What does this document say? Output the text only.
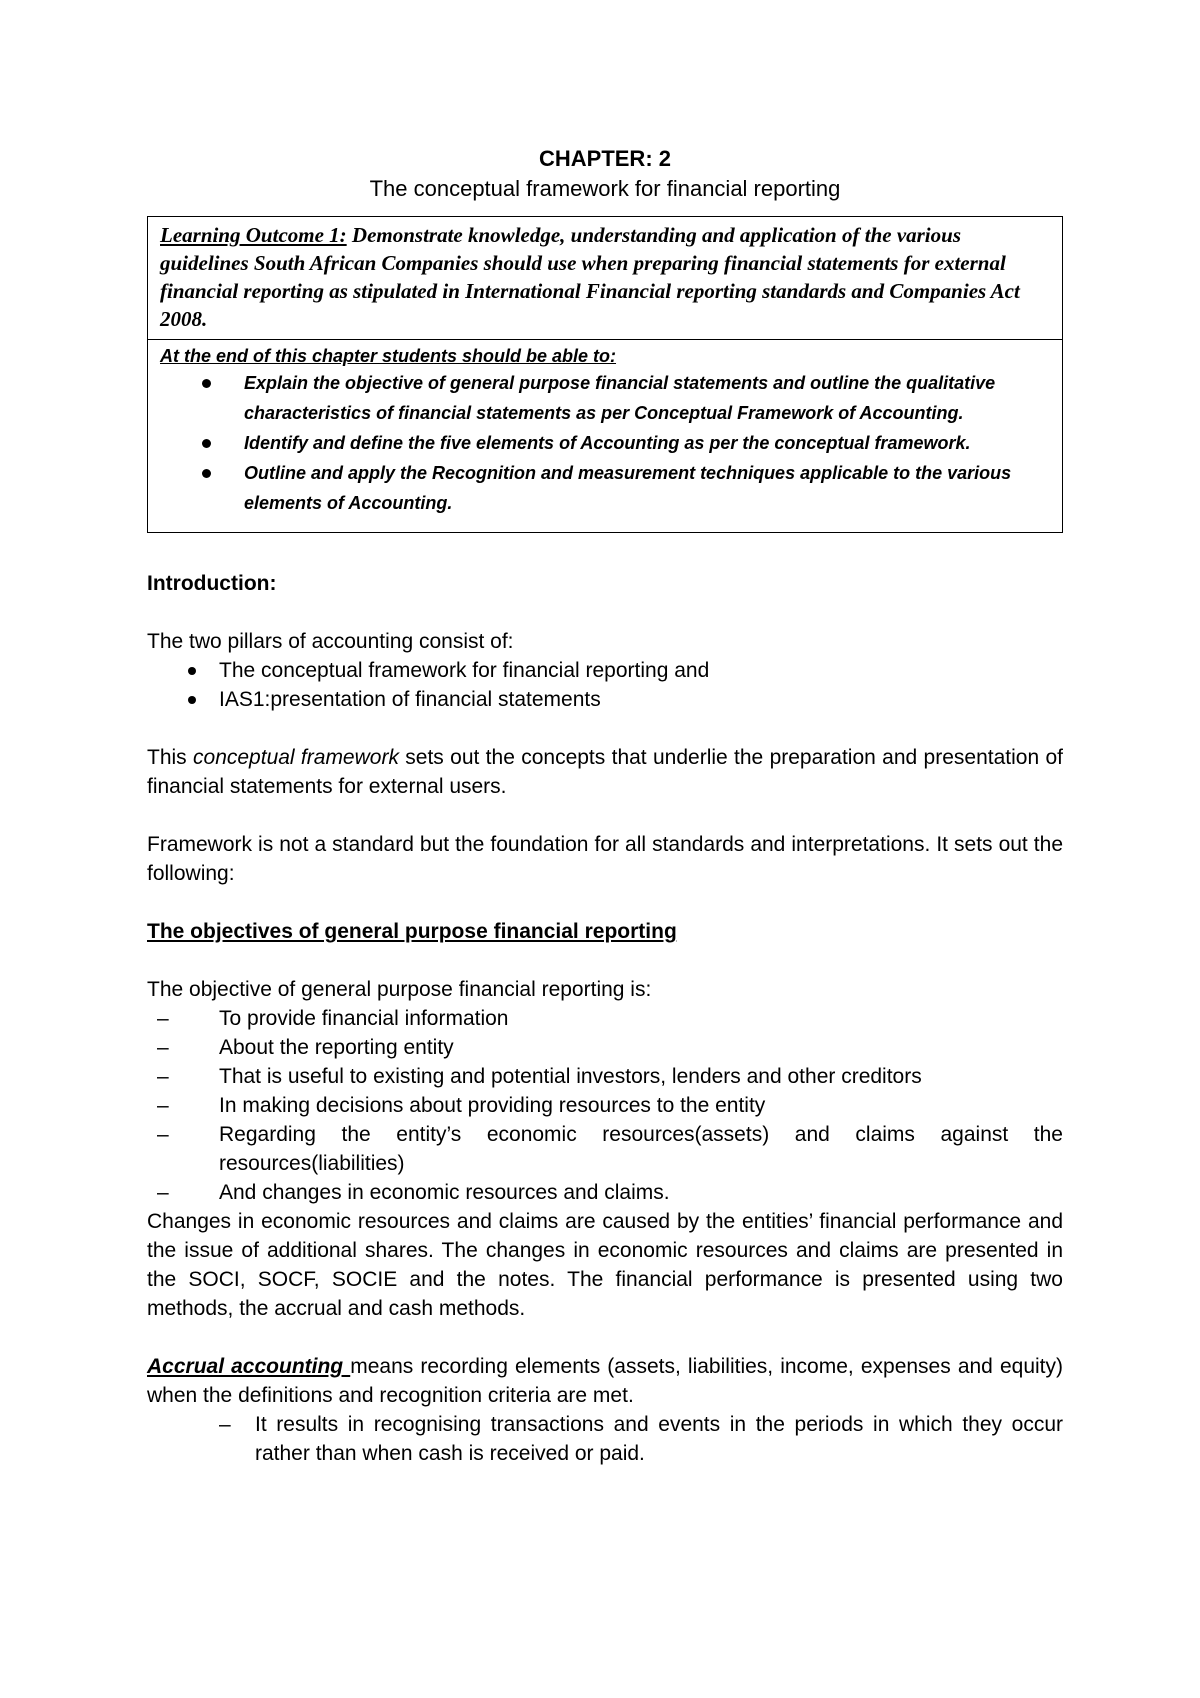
CHAPTER: 2
The conceptual framework for financial reporting
Learning Outcome 1: Demonstrate knowledge, understanding and application of the various guidelines South African Companies should use when preparing financial statements for external financial reporting as stipulated in International Financial reporting standards and Companies Act 2008.
At the end of this chapter students should be able to:
Explain the objective of general purpose financial statements and outline the qualitative characteristics of financial statements as per Conceptual Framework of Accounting.
Identify and define the five elements of Accounting as per the conceptual framework.
Outline and apply the Recognition and measurement techniques applicable to the various elements of Accounting.
Introduction:

The two pillars of accounting consist of:

The conceptual framework for financial reporting and
IAS1:presentation of financial statements

This conceptual framework sets out the concepts that underlie the preparation and presentation of financial statements for external users.

Framework is not a standard but the foundation for all standards and interpretations. It sets out the following:

The objectives of general purpose financial reporting

The objective of general purpose financial reporting is:

– To provide financial information
– About the reporting entity
– That is useful to existing and potential investors, lenders and other creditors
– In making decisions about providing resources to the entity
– Regarding the entity’s economic resources(assets) and claims against the resources(liabilities)
– And changes in economic resources and claims.

Changes in economic resources and claims are caused by the entities’ financial performance and the issue of additional shares. The changes in economic resources and claims are presented in the SOCI, SOCF, SOCIE and the notes. The financial performance is presented using two methods, the accrual and cash methods.

Accrual accounting means recording elements (assets, liabilities, income, expenses and equity) when the definitions and recognition criteria are met.

– It results in recognising transactions and events in the periods in which they occur rather than when cash is received or paid.
